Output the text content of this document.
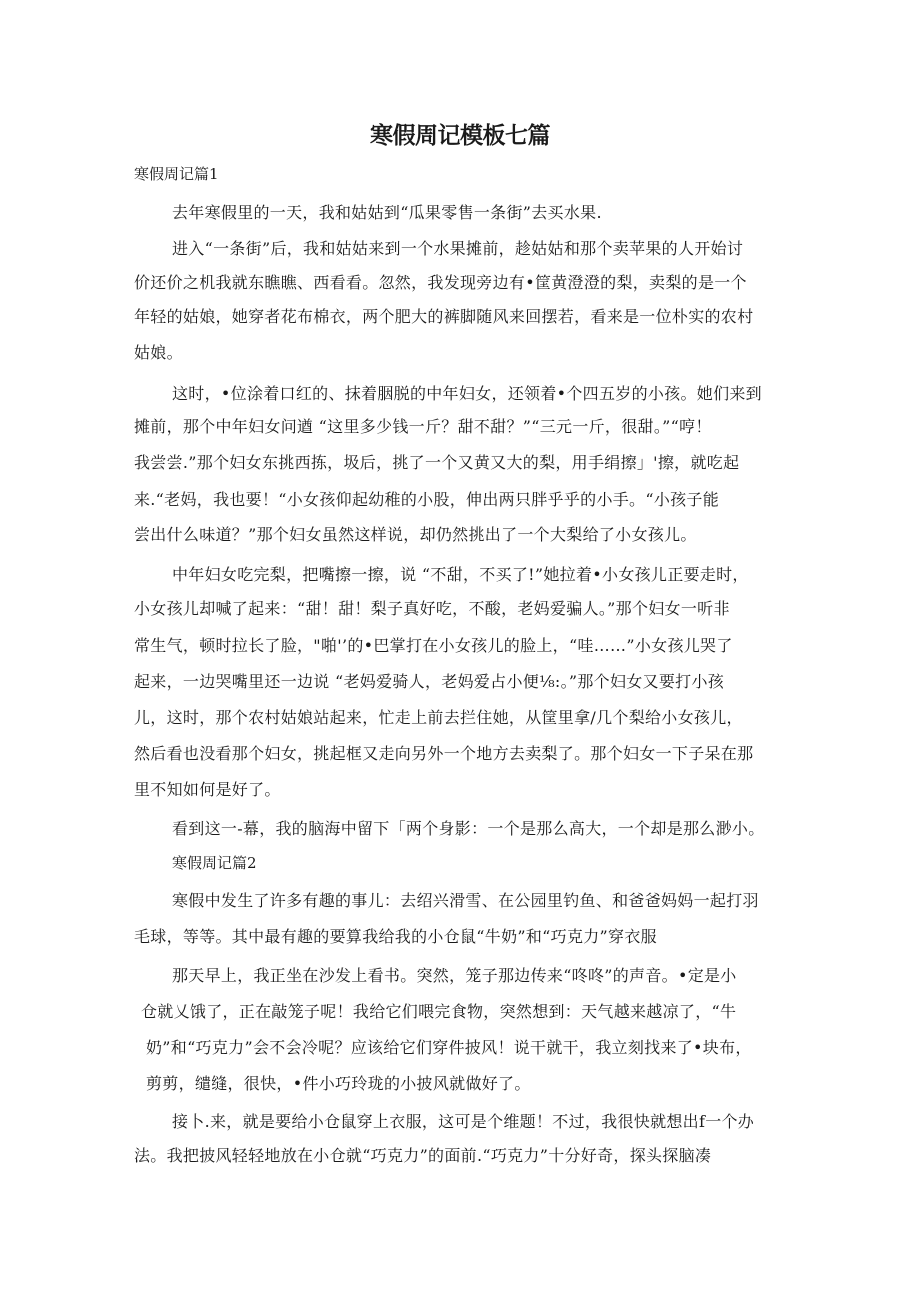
寒假周记模板七篇
寒假周记篇1
去年寒假里的一天，我和姑姑到“瓜果零售一条街”去买水果.
进入“一条街”后，我和姑姑来到一个水果摊前，趁姑姑和那个卖苹果的人开始讨
价还价之机我就东瞧瞧、西看看。忽然，我发现旁边有•筐黄澄澄的梨，卖梨的是一个
年轻的姑娘，她穿者花布棉衣，两个肥大的裤脚随风来回摆若，看来是一位朴实的农村
姑娘。
这时，•位涂着口红的、抹着胭脱的中年妇女，还领着•个四五岁的小孩。她们来到
摊前，那个中年妇女问遒 “这里多少钱一斤？甜不甜？”“三元一斤，很甜。”“哼！
我尝尝.”那个妇女东挑西拣，圾后，挑了一个又黄又大的梨，用手绢擦」'擦，就吃起
来.“老妈，我也要！“小女孩仰起幼稚的小股，伸出两只胖乎乎的小手。“小孩子能
尝出什么味道？”那个妇女虽然这样说，却仍然挑出了一个大梨给了小女孩儿。
中年妇女吃完梨，把嘴擦一擦，说 “不甜，不买了!”她拉着•小女孩儿正要走时，
小女孩儿却喊了起来：“甜！甜！梨子真好吃，不酸，老妈爱骗人。”那个妇女一听非
常生气，顿时拉长了脸，"啪'’的•巴掌打在小女孩儿的脸上，“哇……”小女孩儿哭了
起来，一边哭嘴里还一边说 “老妈爱骑人，老妈爱占小便⅛:。”那个妇女又要打小孩
儿，这时，那个农村姑娘站起来，忙走上前去拦住她，从筐里拿/几个梨给小女孩儿，
然后看也没看那个妇女，挑起框又走向另外一个地方去卖梨了。那个妇女一下子呆在那
里不知如何是好了。
看到这一-幕，我的脑海中留下「两个身影：一个是那么高大，一个却是那么渺小。
寒假周记篇2
寒假中发生了许多有趣的事儿：去绍兴滑雪、在公园里钓鱼、和爸爸妈妈一起打羽
毛球，等等。其中最有趣的要算我给我的小仓鼠“牛奶”和“巧克力”穿衣服
那天早上，我正坐在沙发上看书。突然，笼子那边传来“咚咚”的声音。•定是小
仓就乂饿了，正在敲笼子呢！我给它们喂完食物，突然想到：天气越来越凉了，“牛
奶”和“巧克力”会不会冷呢？应该给它们穿件披风！说干就干，我立刻找来了•块布，
剪剪，缱缝，很快，•件小巧玲珑的小披风就做好了。
接卜.来，就是要给小仓鼠穿上衣服，这可是个维题！不过，我很快就想出f一个办
法。我把披风轻轻地放在小仓就“巧克力”的面前.“巧克力”十分好奇，探头探脑凑
